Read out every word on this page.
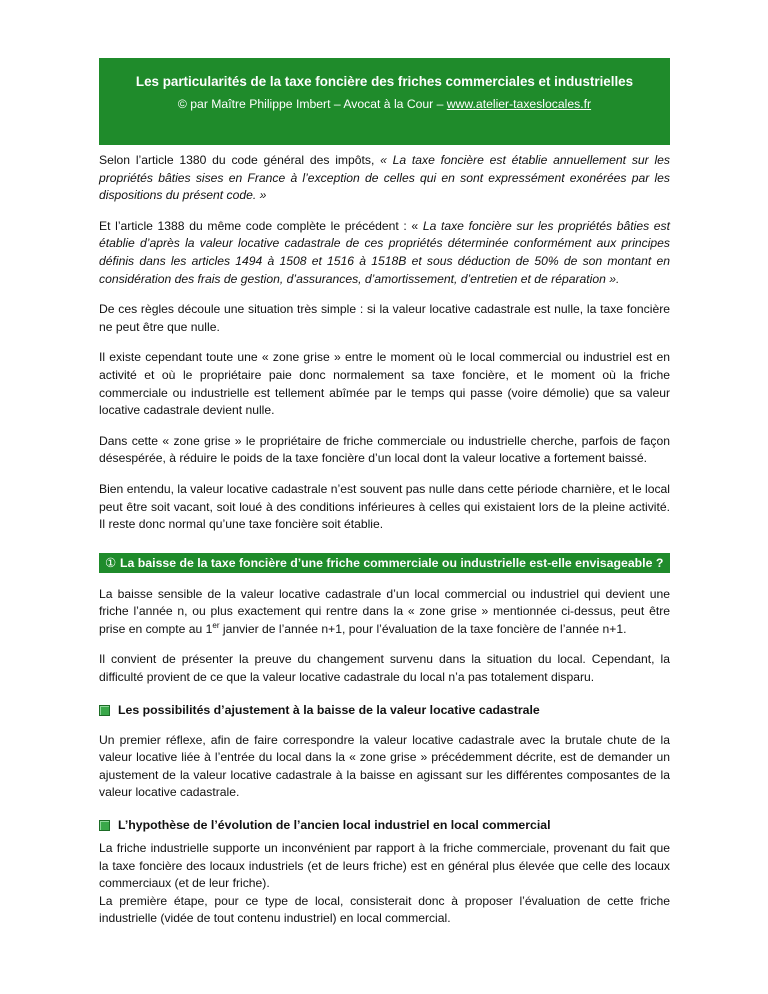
Les particularités de la taxe foncière des friches commerciales et industrielles
© par Maître Philippe Imbert – Avocat à la Cour – www.atelier-taxeslocales.fr

Selon l’article 1380 du code général des impôts, « La taxe foncière est établie annuellement sur les propriétés bâties sises en France à l’exception de celles qui en sont expressément exonérées par les dispositions du présent code. »

Et l’article 1388 du même code complète le précédent : « La taxe foncière sur les propriétés bâties est établie d’après la valeur locative cadastrale de ces propriétés déterminée conformément aux principes définis dans les articles 1494 à 1508 et 1516 à 1518B et sous déduction de 50% de son montant en considération des frais de gestion, d’assurances, d’amortissement, d’entretien et de réparation ».

De ces règles découle une situation très simple : si la valeur locative cadastrale est nulle, la taxe foncière ne peut être que nulle.

Il existe cependant toute une « zone grise » entre le moment où le local commercial ou industriel est en activité et où le propriétaire paie donc normalement sa taxe foncière, et le moment où la friche commerciale ou industrielle est tellement abîmée par le temps qui passe (voire démolie) que sa valeur locative cadastrale devient nulle.

Dans cette « zone grise » le propriétaire de friche commerciale ou industrielle cherche, parfois de façon désespérée, à réduire le poids de la taxe foncière d’un local dont la valeur locative a fortement baissé.

Bien entendu, la valeur locative cadastrale n’est souvent pas nulle dans cette période charnière, et le local peut être soit vacant, soit loué à des conditions inférieures à celles qui existaient lors de la pleine activité. Il reste donc normal qu’une taxe foncière soit établie.

① La baisse de la taxe foncière d’une friche commerciale ou industrielle est-elle envisageable ?

La baisse sensible de la valeur locative cadastrale d’un local commercial ou industriel qui devient une friche l’année n, ou plus exactement qui rentre dans la « zone grise » mentionnée ci-dessus, peut être prise en compte au 1er janvier de l’année n+1, pour l’évaluation de la taxe foncière de l’année n+1.

Il convient de présenter la preuve du changement survenu dans la situation du local. Cependant, la difficulté provient de ce que la valeur locative cadastrale du local n’a pas totalement disparu.

Les possibilités d’ajustement à la baisse de la valeur locative cadastrale

Un premier réflexe, afin de faire correspondre la valeur locative cadastrale avec la brutale chute de la valeur locative liée à l’entrée du local dans la « zone grise » précédemment décrite, est de demander un ajustement de la valeur locative cadastrale à la baisse en agissant sur les différentes composantes de la valeur locative cadastrale.

L’hypothèse de l’évolution de l’ancien local industriel en local commercial

La friche industrielle supporte un inconvénient par rapport à la friche commerciale, provenant du fait que la taxe foncière des locaux industriels (et de leurs friche) est en général plus élevée que celle des locaux commerciaux (et de leur friche).

La première étape, pour ce type de local, consisterait donc à proposer l’évaluation de cette friche industrielle (vidée de tout contenu industriel) en local commercial.
